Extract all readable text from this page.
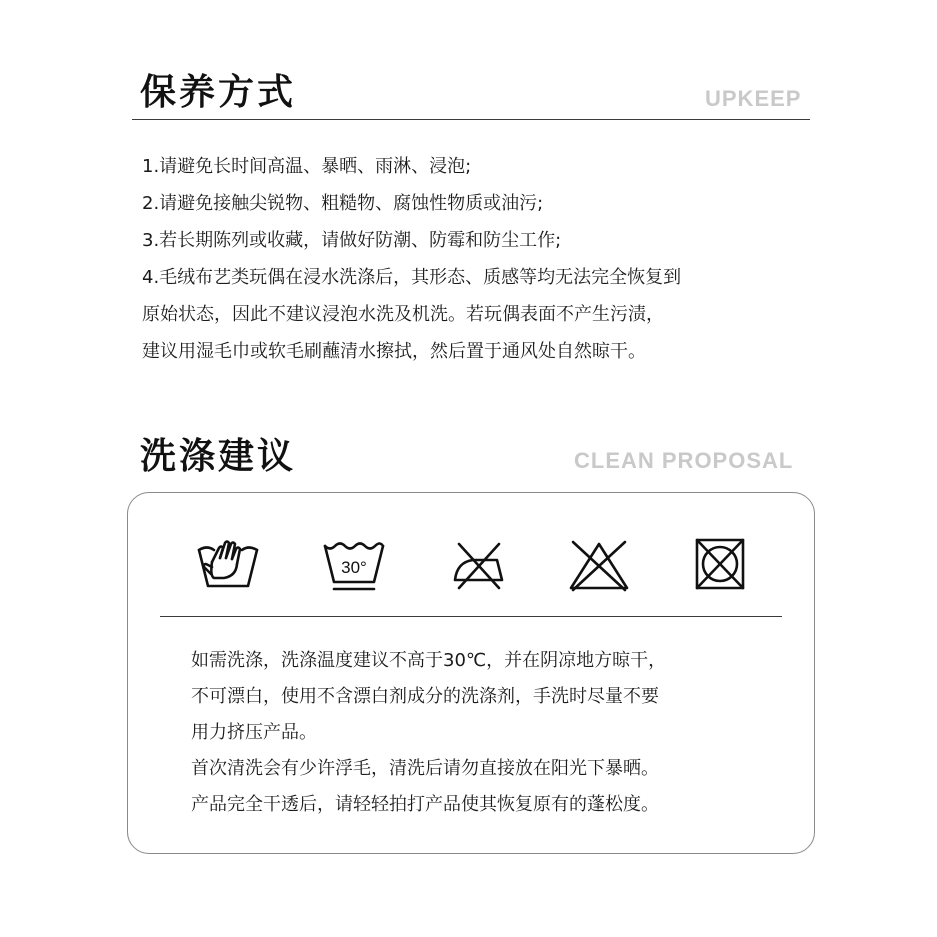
保养方式	UPKEEP
1.请避免长时间高温、暴晒、雨淋、浸泡;
2.请避免接触尖锐物、粗糙物、腐蚀性物质或油污;
3.若长期陈列或收藏，请做好防潮、防霉和防尘工作;
4.毛绒布艺类玩偶在浸水洗涤后，其形态、质感等均无法完全恢复到
原始状态，因此不建议浸泡水洗及机洗。若玩偶表面不产生污渍，
建议用湿毛巾或软毛刷蘸清水擦拭，然后置于通风处自然晾干。
洗涤建议	CLEAN PROPOSAL
30°

如需洗涤，洗涤温度建议不高于30℃，并在阴凉地方晾干，
不可漂白，使用不含漂白剂成分的洗涤剂，手洗时尽量不要
用力挤压产品。

首次清洗会有少许浮毛，清洗后请勿直接放在阳光下暴晒。
产品完全干透后，请轻轻拍打产品使其恢复原有的蓬松度。
